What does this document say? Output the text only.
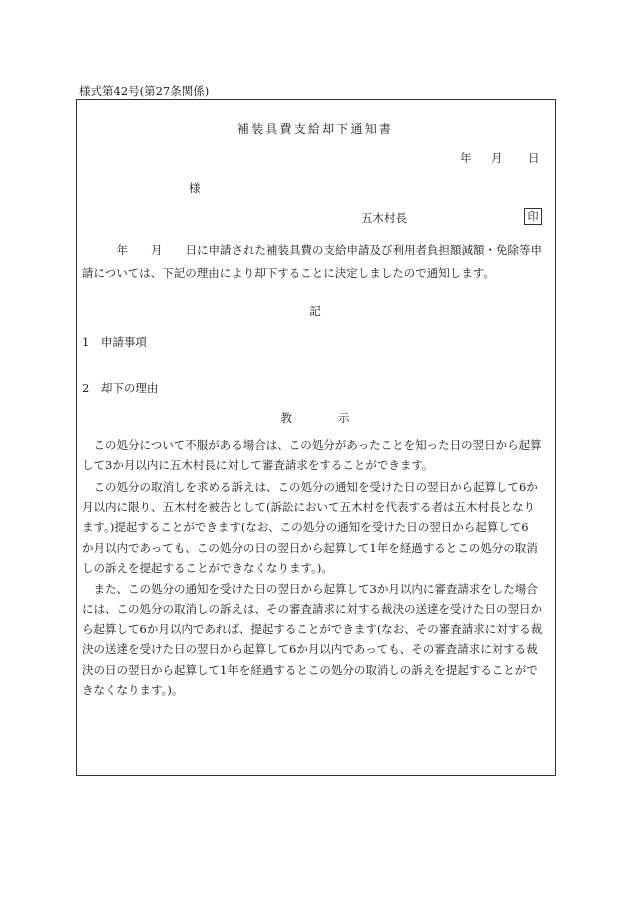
様式第42号(第27条関係)
補装具費支給却下通知書
年 月 日
様
五木村長	印
　　　年　　月　　日に申請された補装具費の支給申請及び利用者負担額減額・免除等申
請については、下記の理由により却下することに決定しましたので通知します。
記
1　申請事項
2　却下の理由
教　　　　示
　この処分について不服がある場合は、この処分があったことを知った日の翌日から起算
して3か月以内に五木村長に対して審査請求をすることができます。
　この処分の取消しを求める訴えは、この処分の通知を受けた日の翌日から起算して6か
月以内に限り、五木村を被告として(訴訟において五木村を代表する者は五木村長となり
ます。)提起することができます(なお、この処分の通知を受けた日の翌日から起算して6
か月以内であっても、この処分の日の翌日から起算して1年を経過するとこの処分の取消
しの訴えを提起することができなくなります。)。
　また、この処分の通知を受けた日の翌日から起算して3か月以内に審査請求をした場合
には、この処分の取消しの訴えは、その審査請求に対する裁決の送達を受けた日の翌日か
ら起算して6か月以内であれば、提起することができます(なお、その審査請求に対する裁
決の送達を受けた日の翌日から起算して6か月以内であっても、その審査請求に対する裁
決の日の翌日から起算して1年を経過するとこの処分の取消しの訴えを提起することがで
きなくなります。)。
